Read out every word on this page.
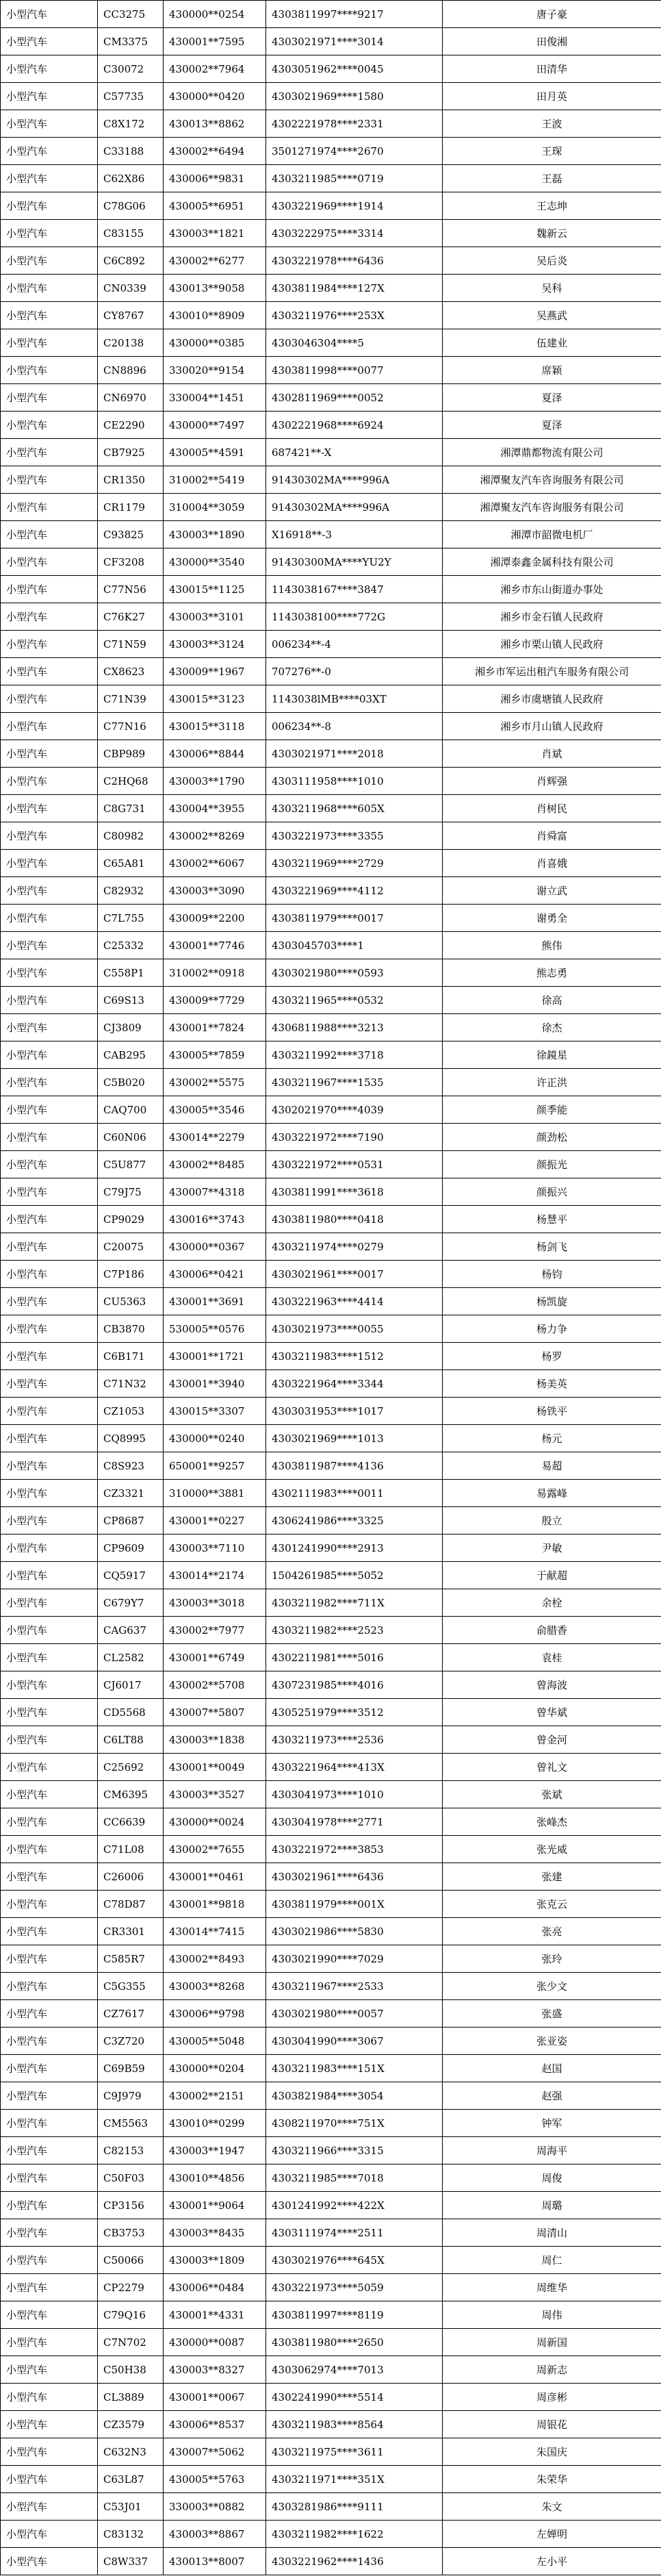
小型汽车	CC3275	430000**0254	4303811997****9217	唐子豪
小型汽车	CM3375	430001**7595	4303021971****3014	田俊湘
小型汽车	C30072	430002**7964	4303051962****0045	田清华
小型汽车	C57735	430000**0420	4303021969****1580	田月英
小型汽车	C8X172	430013**8862	4302221978****2331	王波
小型汽车	C33188	430002**6494	3501271974****2670	王琛
小型汽车	C62X86	430006**9831	4303211985****0719	王磊
小型汽车	C78G06	430005**6951	4303221969****1914	王志坤
小型汽车	C83155	430003**1821	4303222975****3314	魏新云
小型汽车	C6C892	430002**6277	4303221978****6436	吴后炎
小型汽车	CN0339	430013**9058	4303811984****127X	吴科
小型汽车	CY8767	430010**8909	4303211976****253X	吴燕武
小型汽车	C20138	430000**0385	4303046304****5	伍建业
小型汽车	CN8896	330020**9154	4303811998****0077	席颖
小型汽车	CN6970	330004**1451	4302811969****0052	夏泽
小型汽车	CE2290	430000**7497	4302221968****6924	夏泽
小型汽车	CB7925	430005**4591	687421**-X	湘潭鼎都物流有限公司
小型汽车	CR1350	310002**5419	91430302MA****996A	湘潭聚友汽车咨询服务有限公司
小型汽车	CR1179	310004**3059	91430302MA****996A	湘潭聚友汽车咨询服务有限公司
小型汽车	C93825	430003**1890	X16918**-3	湘潭市韶微电机厂
小型汽车	CF3208	430000**3540	91430300MA****YU2Y	湘潭泰鑫金属科技有限公司
小型汽车	C77N56	430015**1125	1143038167****3847	湘乡市东山街道办事处
小型汽车	C76K27	430003**3101	1143038100****772G	湘乡市金石镇人民政府
小型汽车	C71N59	430003**3124	006234**-4	湘乡市栗山镇人民政府
小型汽车	CX8623	430009**1967	707276**-0	湘乡市军运出租汽车服务有限公司
小型汽车	C71N39	430015**3123	1143038lMB****03XT	湘乡市虞塘镇人民政府
小型汽车	C77N16	430015**3118	006234**-8	湘乡市月山镇人民政府
小型汽车	CBP989	430006**8844	4303021971****2018	肖斌
小型汽车	C2HQ68	430003**1790	4303111958****1010	肖辉强
小型汽车	C8G731	430004**3955	4303211968****605X	肖树民
小型汽车	C80982	430002**8269	4303221973****3355	肖舜富
小型汽车	C65A81	430002**6067	4303211969****2729	肖喜娥
小型汽车	C82932	430003**3090	4303221969****4112	谢立武
小型汽车	C7L755	430009**2200	4303811979****0017	谢勇全
小型汽车	C25332	430001**7746	4303045703****1	熊伟
小型汽车	C558P1	310002**0918	4303021980****0593	熊志勇
小型汽车	C69S13	430009**7729	4303211965****0532	徐高
小型汽车	CJ3809	430001**7824	4306811988****3213	徐杰
小型汽车	CAB295	430005**7859	4303211992****3718	徐鏡星
小型汽车	C5B020	430002**5575	4303211967****1535	许正洪
小型汽车	CAQ700	430005**3546	4302021970****4039	颜季能
小型汽车	C60N06	430014**2279	4303221972****7190	颜劲松
小型汽车	C5U877	430002**8485	4303221972****0531	颜振光
小型汽车	C79J75	430007**4318	4303811991****3618	颜振兴
小型汽车	CP9029	430016**3743	4303811980****0418	杨慧平
小型汽车	C20075	430000**0367	4303211974****0279	杨剑飞
小型汽车	C7P186	430006**0421	4303021961****0017	杨钧
小型汽车	CU5363	430001**3691	4303221963****4414	杨凯旋
小型汽车	CB3870	530005**0576	4303021973****0055	杨力争
小型汽车	C6B171	430001**1721	4303211983****1512	杨罗
小型汽车	C71N32	430001**3940	4303221964****3344	杨美英
小型汽车	CZ1053	430015**3307	4303031953****1017	杨铁平
小型汽车	CQ8995	430000**0240	4303021969****1013	杨元
小型汽车	C8S923	650001**9257	4303811987****4136	易超
小型汽车	CZ3321	310000**3881	4302111983****0011	易露峰
小型汽车	CP8687	430001**0227	4306241986****3325	殷立
小型汽车	CP9609	430003**7110	4301241990****2913	尹敏
小型汽车	CQ5917	430014**2174	1504261985****5052	于献超
小型汽车	C679Y7	430003**3018	4303211982****711X	余栓
小型汽车	CAG637	430002**7977	4303211982****2523	俞腊香
小型汽车	CL2582	430001**6749	4302211981****5016	袁桂
小型汽车	CJ6017	430002**5708	4307231985****4016	曾海波
小型汽车	CD5568	430007**5807	4305251979****3512	曾华斌
小型汽车	C6LT88	430003**1838	4303211973****2536	曾金河
小型汽车	C25692	430001**0049	4303221964****413X	曾礼文
小型汽车	CM6395	430003**3527	4303041973****1010	张斌
小型汽车	CC6639	430000**0024	4303041978****2771	张峰杰
小型汽车	C71L08	430002**7655	4303221972****3853	张光威
小型汽车	C26006	430001**0461	4303021961****6436	张建
小型汽车	C78D87	430001**9818	4303811979****001X	张克云
小型汽车	CR3301	430014**7415	4303021986****5830	张亮
小型汽车	C585R7	430002**8493	4303021990****7029	张玲
小型汽车	C5G355	430003**8268	4303211967****2533	张少文
小型汽车	CZ7617	430006**9798	4303021980****0057	张盛
小型汽车	C3Z720	430005**5048	4303041990****3067	张亚姿
小型汽车	C69B59	430000**0204	4303211983****151X	赵国
小型汽车	C9J979	430002**2151	4303821984****3054	赵强
小型汽车	CM5563	430010**0299	4308211970****751X	钟军
小型汽车	C82153	430003**1947	4303211966****3315	周海平
小型汽车	C50F03	430010**4856	4303211985****7018	周俊
小型汽车	CP3156	430001**9064	4301241992****422X	周璐
小型汽车	CB3753	430003**8435	4303111974****2511	周清山
小型汽车	C50066	430003**1809	4303021976****645X	周仁
小型汽车	CP2279	430006**0484	4303221973****5059	周维华
小型汽车	C79Q16	430001**4331	4303811997****8119	周伟
小型汽车	C7N702	430000**0087	4303811980****2650	周新国
小型汽车	C50H38	430003**8327	4303062974****7013	周新志
小型汽车	CL3889	430001**0067	4302241990****5514	周彦彬
小型汽车	CZ3579	430006**8537	4303211983****8564	周银花
小型汽车	C632N3	430007**5062	4303211975****3611	朱国庆
小型汽车	C63L87	430005**5763	4303211971****351X	朱荣华
小型汽车	C53J01	330003**0882	4303281986****9111	朱文
小型汽车	C83132	430003**8867	4303211982****1622	左婵明
小型汽车	C8W337	430013**8007	4303221962****1436	左小平
